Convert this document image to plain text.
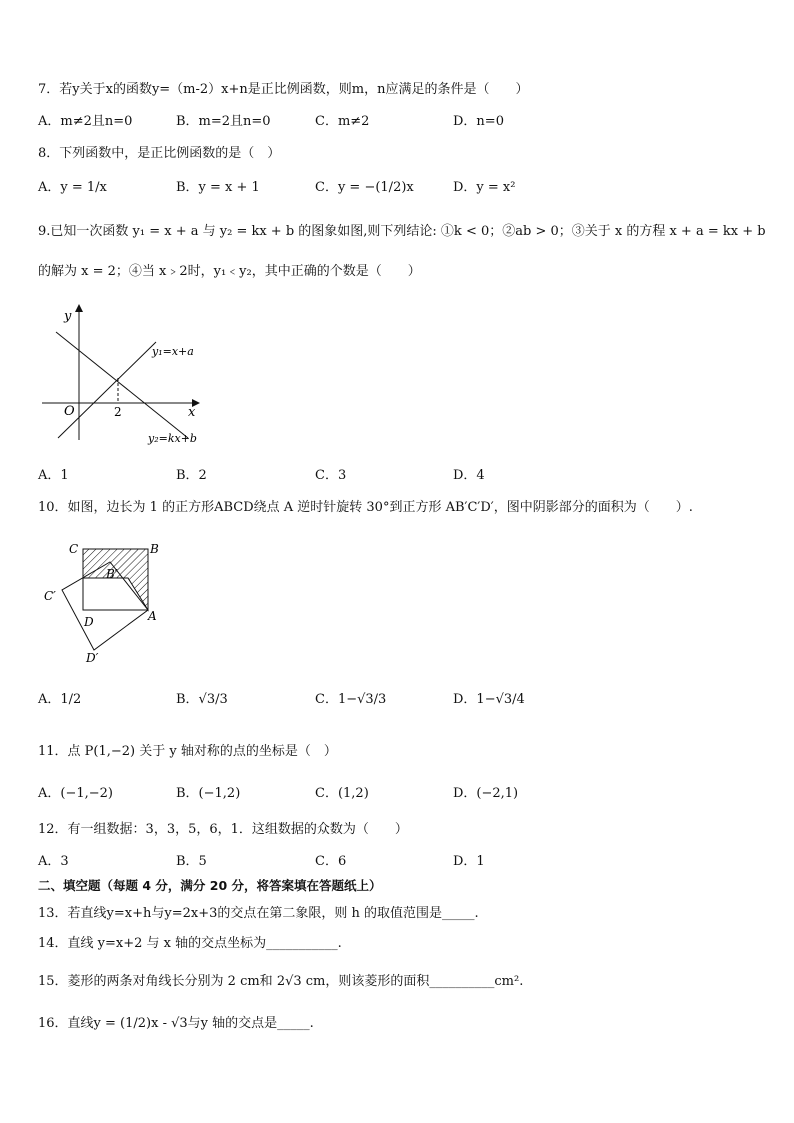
7．若y关于x的函数y=（m-2）x+n是正比例函数，则m，n应满足的条件是（　　）
A．m≠2且n=0	B．m=2且n=0	C．m≠2	D．n=0
8．下列函数中，是正比例函数的是（　）
A．y = 1/x	B．y = x + 1	C．y = −(1/2)x	D．y = x²
9.已知一次函数 y₁ = x + a 与 y₂ = kx + b 的图象如图,则下列结论: ①k < 0；②ab > 0；③关于 x 的方程 x + a = kx + b
的解为 x = 2；④当 x﹥2时，y₁﹤y₂，其中正确的个数是（　　）
y
x
O	2
y₁=x+a
y₂=kx+b
A．1	B．2	C．3	D．4
10．如图，边长为 1 的正方形ABCD绕点 A 逆时针旋转 30°到正方形 AB′C′D′，图中阴影部分的面积为（　　）.
C	B
B′
C′
D	A
D′
A．1/2	B．√3/3	C．1−√3/3	D．1−√3/4
11．点 P(1,−2) 关于 y 轴对称的点的坐标是（　）
A．(−1,−2)	B．(−1,2)	C．(1,2)	D．(−2,1)
12．有一组数据：3，3，5，6，1．这组数据的众数为（　　）
A．3	B．5	C．6	D．1
二、填空题（每题 4 分，满分 20 分，将答案填在答题纸上）
13．若直线y=x+h与y=2x+3的交点在第二象限，则 h 的取值范围是_____.
14．直线 y=x+2 与 x 轴的交点坐标为___________.
15．菱形的两条对角线长分别为 2 cm和 2√3 cm，则该菱形的面积__________cm².
16．直线y = (1/2)x - √3与y 轴的交点是_____.
